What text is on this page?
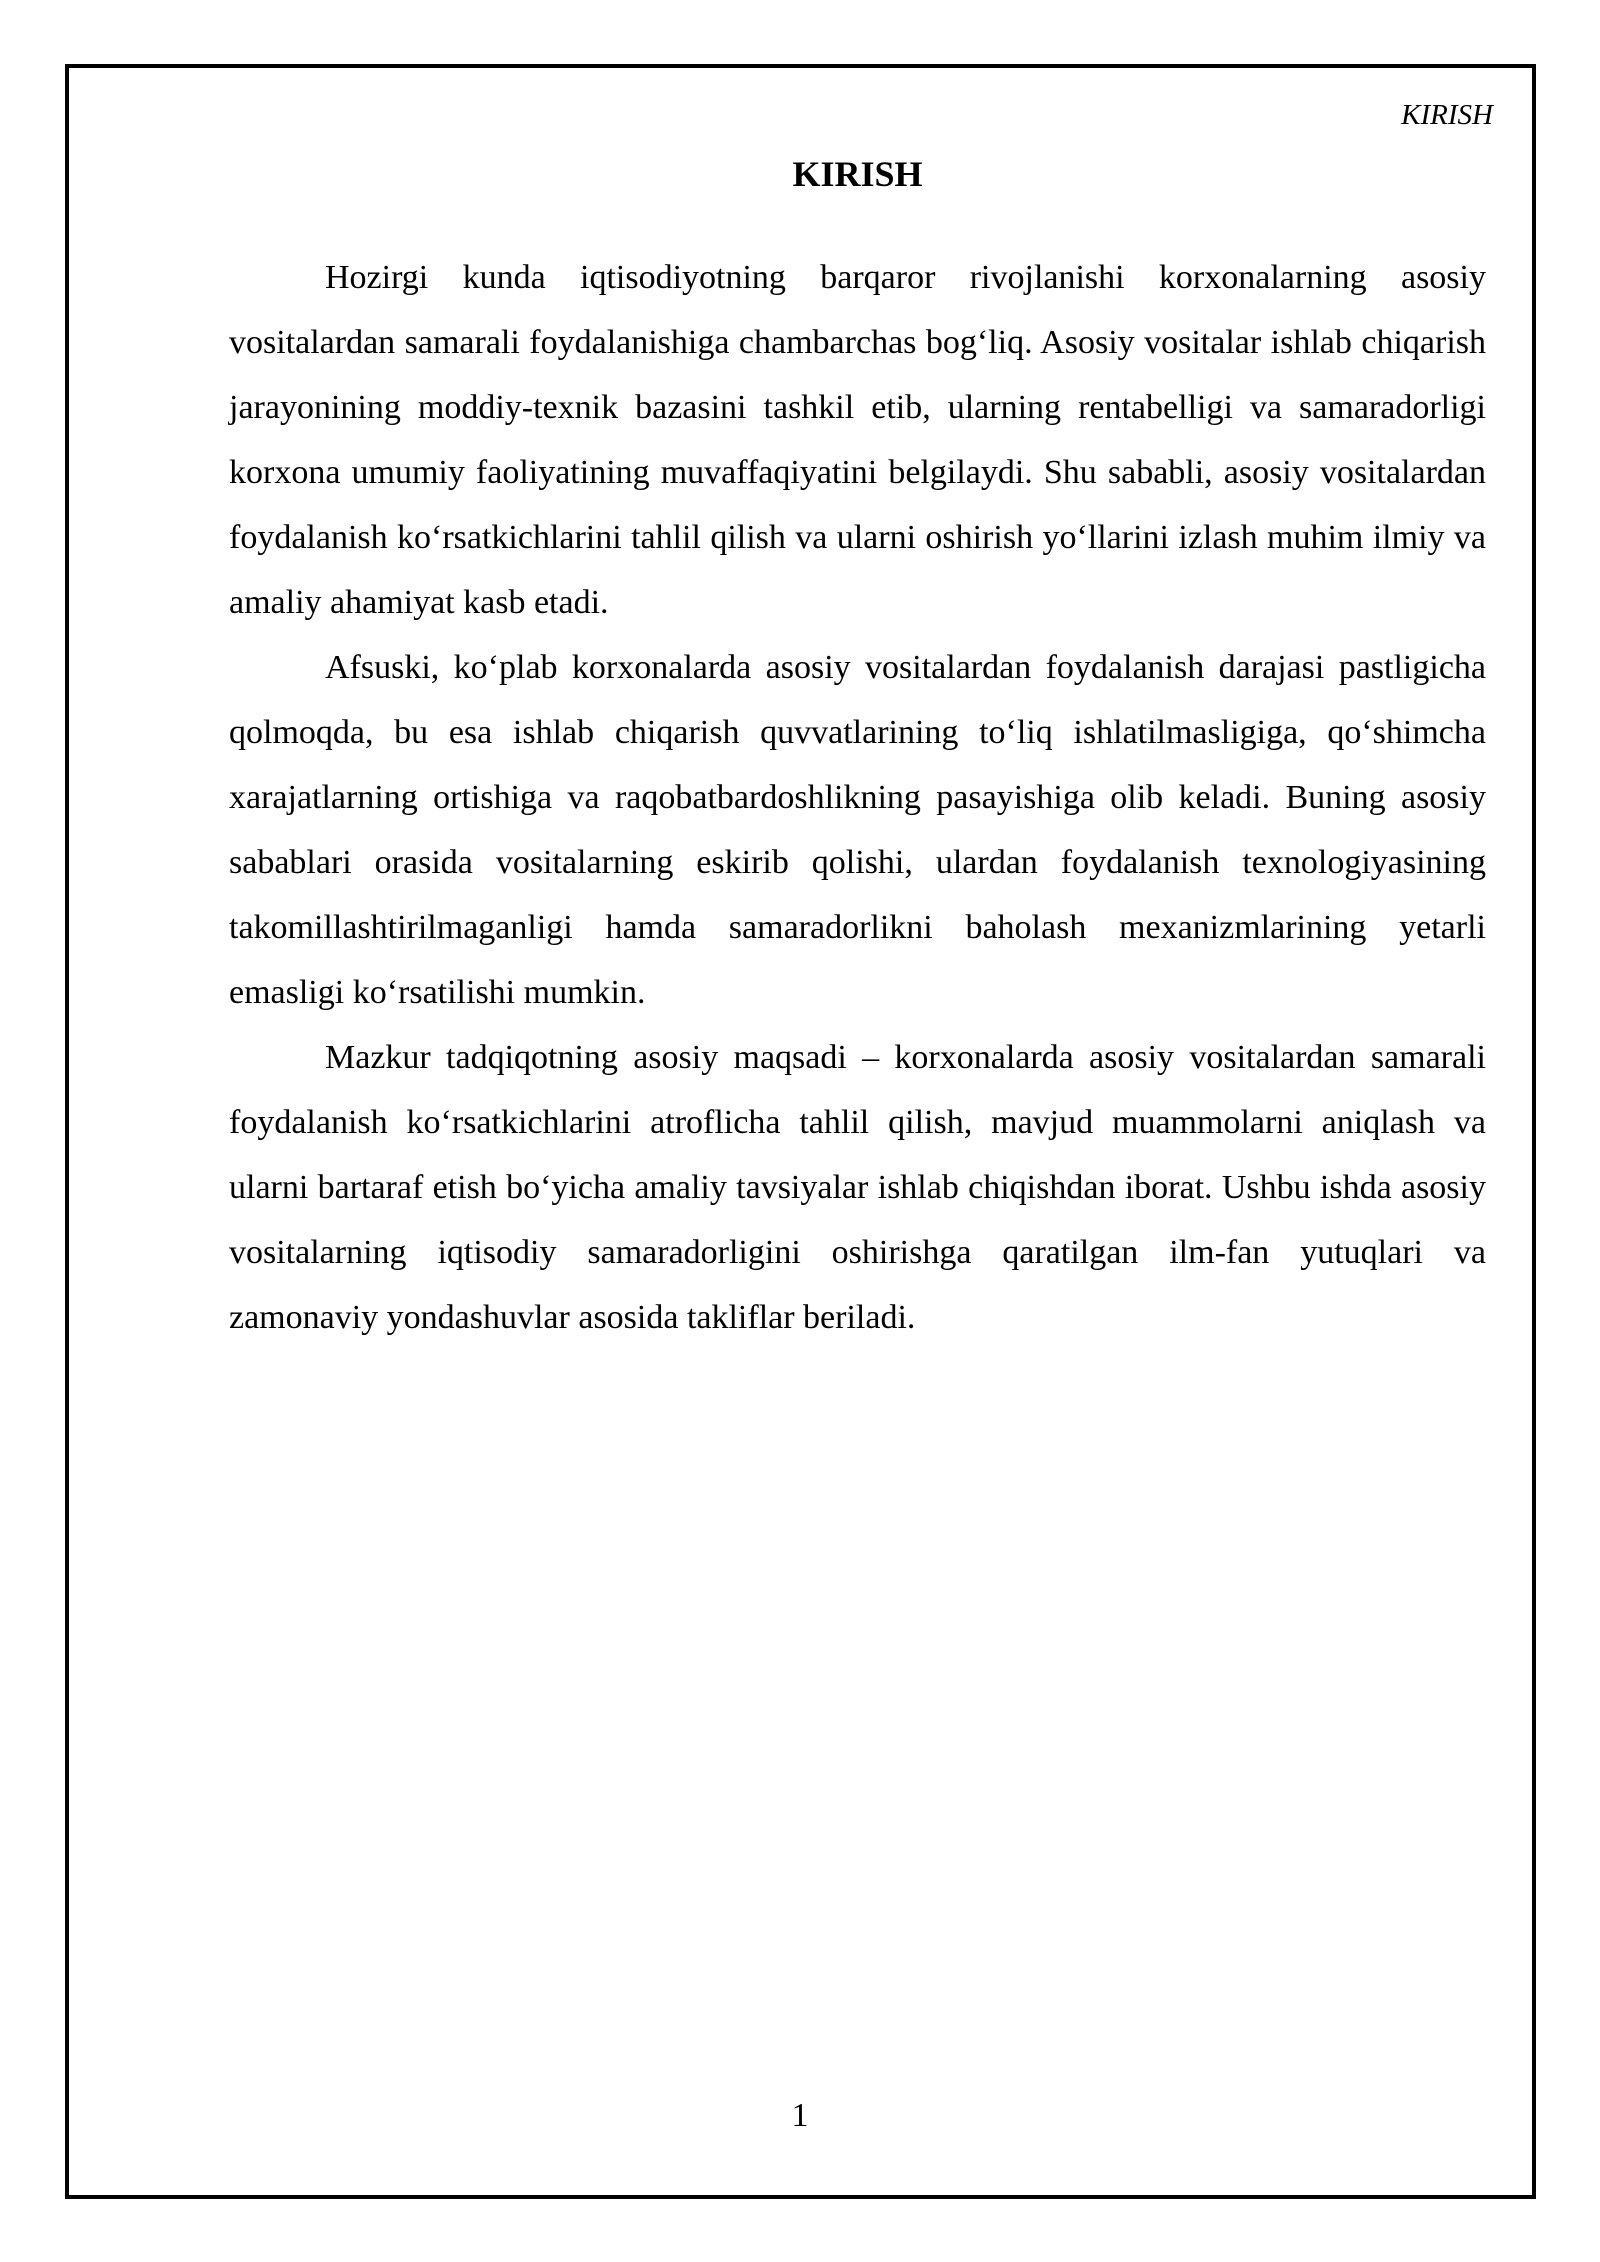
KIRISH
KIRISH

Hozirgi kunda iqtisodiyotning barqaror rivojlanishi korxonalarning asosiy vositalardan samarali foydalanishiga chambarchas bog‘liq. Asosiy vositalar ishlab chiqarish jarayonining moddiy-texnik bazasini tashkil etib, ularning rentabelligi va samaradorligi korxona umumiy faoliyatining muvaffaqiyatini belgilaydi. Shu sababli, asosiy vositalardan foydalanish ko‘rsatkichlarini tahlil qilish va ularni oshirish yo‘llarini izlash muhim ilmiy va amaliy ahamiyat kasb etadi.

Afsuski, ko‘plab korxonalarda asosiy vositalardan foydalanish darajasi pastligicha qolmoqda, bu esa ishlab chiqarish quvvatlarining to‘liq ishlatilmasligiga, qo‘shimcha xarajatlarning ortishiga va raqobatbardoshlikning pasayishiga olib keladi. Buning asosiy sabablari orasida vositalarning eskirib qolishi, ulardan foydalanish texnologiyasining takomillashtirilmaganligi hamda samaradorlikni baholash mexanizmlarining yetarli emasligi ko‘rsatilishi mumkin.

Mazkur tadqiqotning asosiy maqsadi – korxonalarda asosiy vositalardan samarali foydalanish ko‘rsatkichlarini atroflicha tahlil qilish, mavjud muammolarni aniqlash va ularni bartaraf etish bo‘yicha amaliy tavsiyalar ishlab chiqishdan iborat. Ushbu ishda asosiy vositalarning iqtisodiy samaradorligini oshirishga qaratilgan ilm-fan yutuqlari va zamonaviy yondashuvlar asosida takliflar beriladi.

1
